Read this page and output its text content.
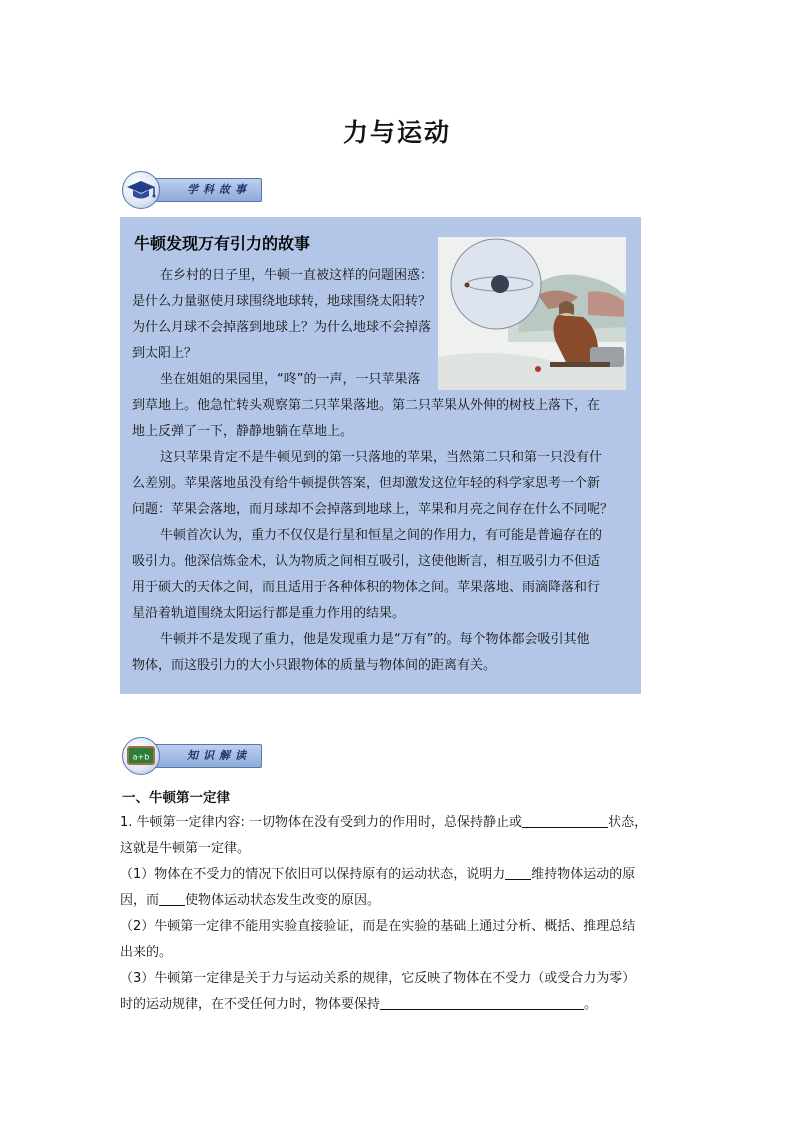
力与运动
学科故事
牛顿发现万有引力的故事
在乡村的日子里，牛顿一直被这样的问题困惑：
是什么力量驱使月球围绕地球转，地球围绕太阳转？
为什么月球不会掉落到地球上？为什么地球不会掉落
到太阳上？
坐在姐姐的果园里，“咚”的一声，一只苹果落
到草地上。他急忙转头观察第二只苹果落地。第二只苹果从外伸的树枝上落下，在
地上反弹了一下，静静地躺在草地上。
这只苹果肯定不是牛顿见到的第一只落地的苹果，当然第二只和第一只没有什
么差别。苹果落地虽没有给牛顿提供答案，但却激发这位年轻的科学家思考一个新
问题：苹果会落地，而月球却不会掉落到地球上，苹果和月亮之间存在什么不同呢？
牛顿首次认为，重力不仅仅是行星和恒星之间的作用力，有可能是普遍存在的
吸引力。他深信炼金术，认为物质之间相互吸引，这使他断言，相互吸引力不但适
用于硕大的天体之间，而且适用于各种体积的物体之间。苹果落地、雨滴降落和行
星沿着轨道围绕太阳运行都是重力作用的结果。
牛顿并不是发现了重力，他是发现重力是“万有”的。每个物体都会吸引其他
物体，而这股引力的大小只跟物体的质量与物体间的距离有关。
知识解读
a+b
一、牛顿第一定律
1. 牛顿第一定律内容: 一切物体在没有受到力的作用时，总保持静止或	状态，
这就是牛顿第一定律。
（1）物体在不受力的情况下依旧可以保持原有的运动状态，说明力 维持物体运动的原
因，而 使物体运动状态发生改变的原因。
（2）牛顿第一定律不能用实验直接验证，而是在实验的基础上通过分析、概括、推理总结
出来的。
（3）牛顿第一定律是关于力与运动关系的规律，它反映了物体在不受力（或受合力为零）
时的运动规律，在不受任何力时，物体要保持	。
